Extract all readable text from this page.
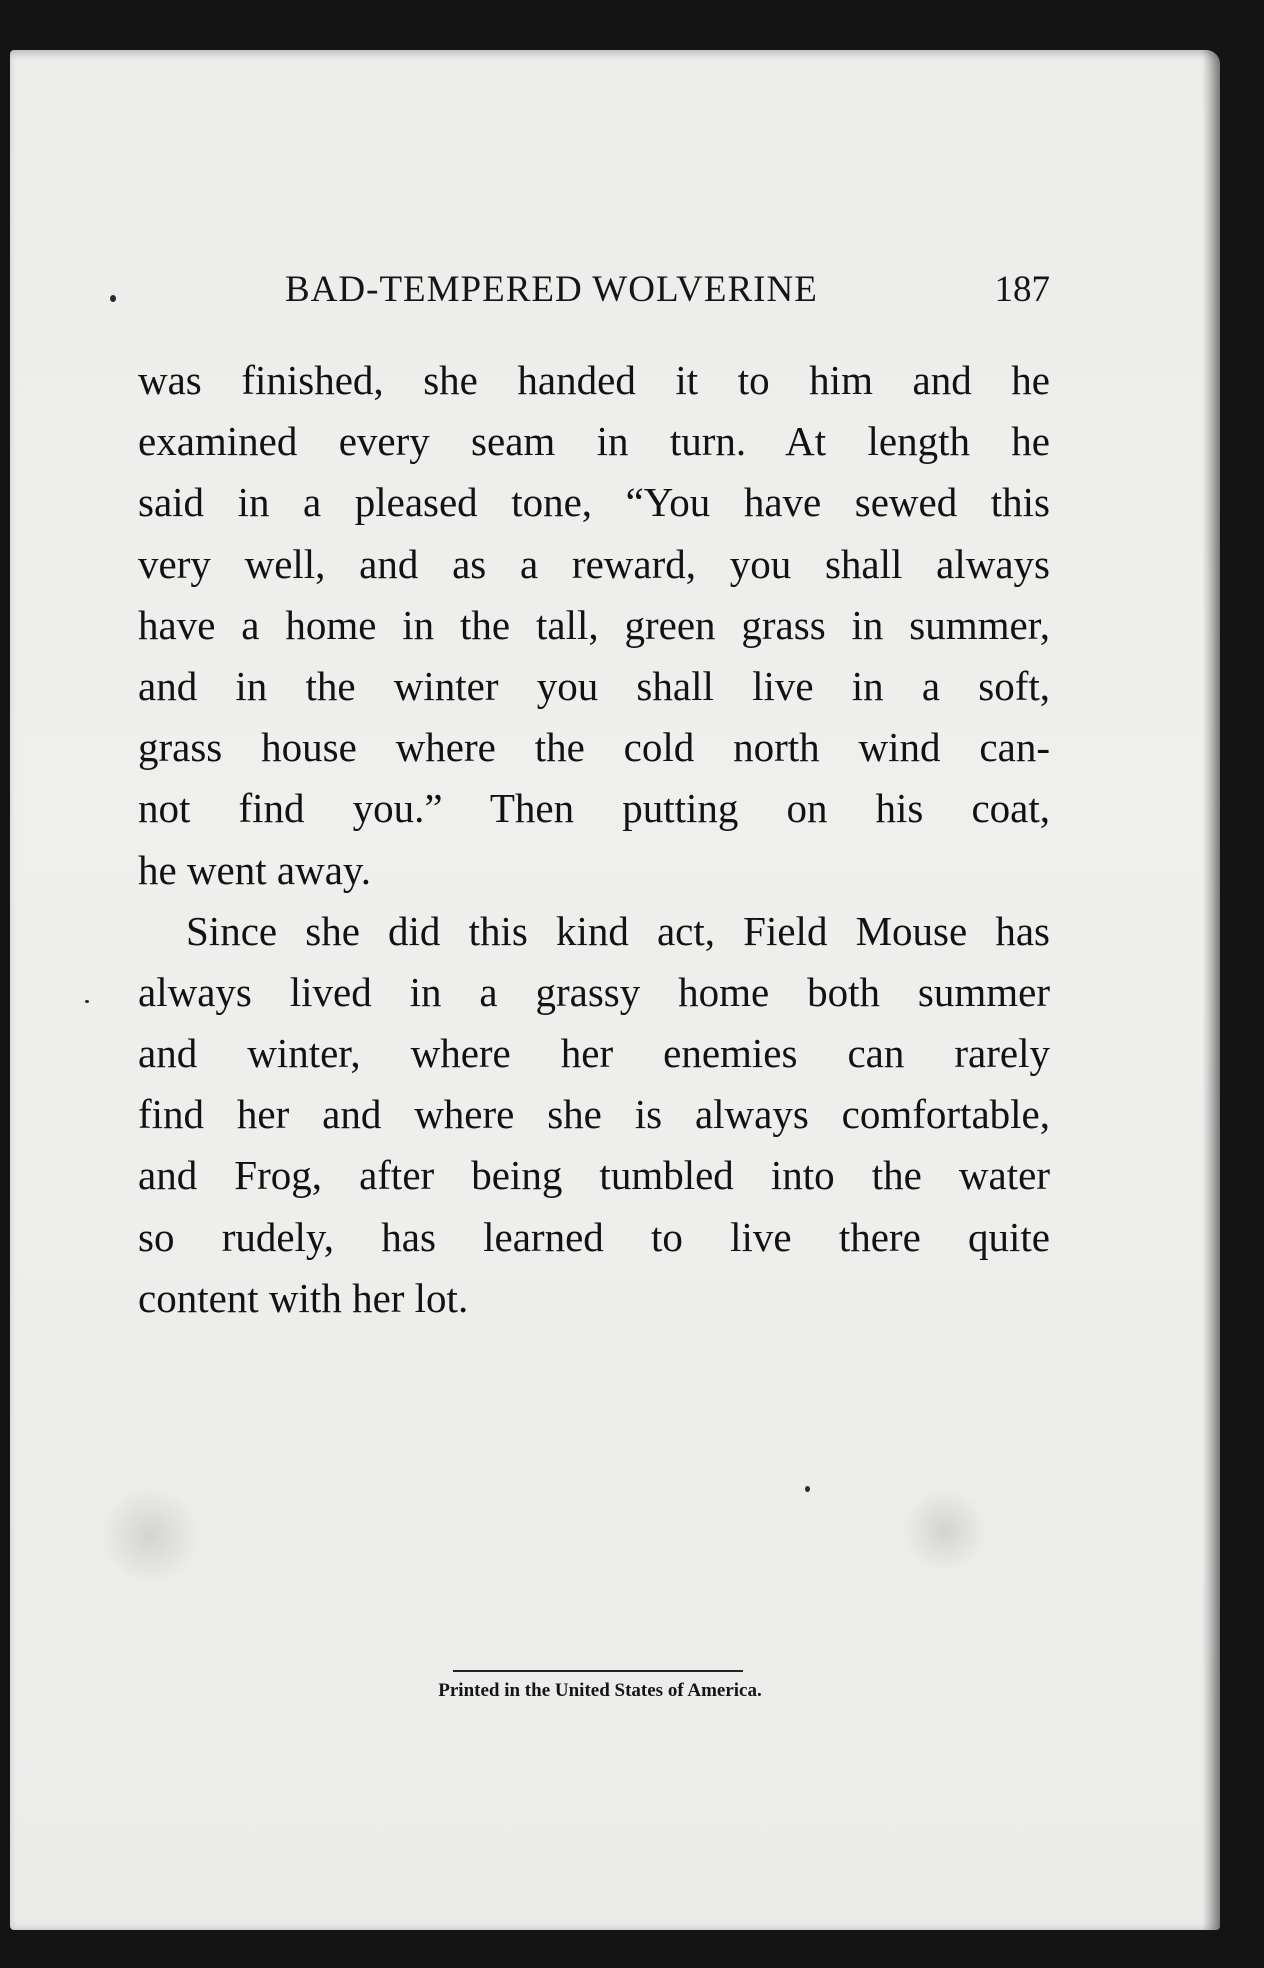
BAD-TEMPERED WOLVERINE	187
was finished, she handed it to him and he
examined every seam in turn. At length he
said in a pleased tone, “You have sewed this
very well, and as a reward, you shall always
have a home in the tall, green grass in summer,
and in the winter you shall live in a soft,
grass house where the cold north wind can-
not find you.” Then putting on his coat,
he went away.
Since she did this kind act, Field Mouse has
always lived in a grassy home both summer
and winter, where her enemies can rarely
find her and where she is always comfortable,
and Frog, after being tumbled into the water
so rudely, has learned to live there quite
content with her lot.
Printed in the United States of America.
